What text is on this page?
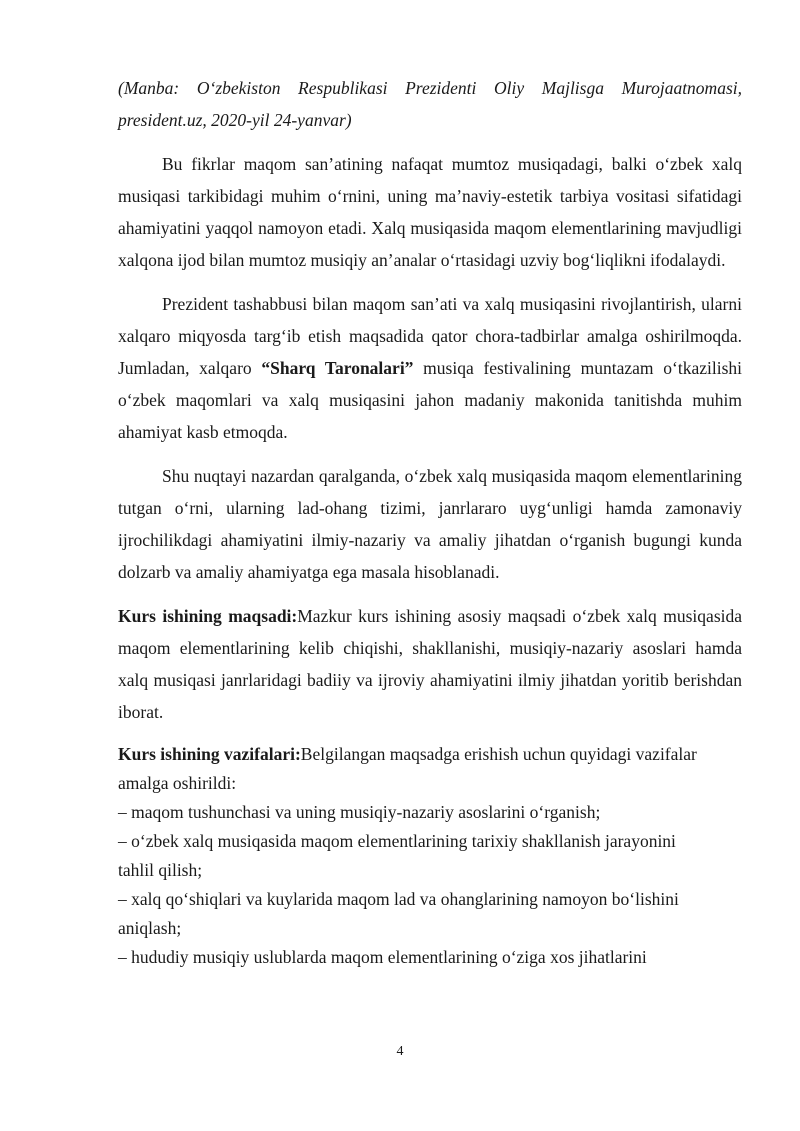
(Manba: O‘zbekiston Respublikasi Prezidenti Oliy Majlisga Murojaatnomasi, president.uz, 2020-yil 24-yanvar)

Bu fikrlar maqom san’atining nafaqat mumtoz musiqadagi, balki o‘zbek xalq musiqasi tarkibidagi muhim o‘rnini, uning ma’naviy-estetik tarbiya vositasi sifatidagi ahamiyatini yaqqol namoyon etadi. Xalq musiqasida maqom elementlarining mavjudligi xalqona ijod bilan mumtoz musiqiy an’analar o‘rtasidagi uzviy bog‘liqlikni ifodalaydi.

Prezident tashabbusi bilan maqom san’ati va xalq musiqasini rivojlantirish, ularni xalqaro miqyosda targ‘ib etish maqsadida qator chora-tadbirlar amalga oshirilmoqda. Jumladan, xalqaro “Sharq Taronalari” musiqa festivalining muntazam o‘tkazilishi o‘zbek maqomlari va xalq musiqasini jahon madaniy makonida tanitishda muhim ahamiyat kasb etmoqda.

Shu nuqtayi nazardan qaralganda, o‘zbek xalq musiqasida maqom elementlarining tutgan o‘rni, ularning lad-ohang tizimi, janrlararo uyg‘unligi hamda zamonaviy ijrochilikdagi ahamiyatini ilmiy-nazariy va amaliy jihatdan o‘rganish bugungi kunda dolzarb va amaliy ahamiyatga ega masala hisoblanadi.

Kurs ishining maqsadi:Mazkur kurs ishining asosiy maqsadi o‘zbek xalq musiqasida maqom elementlarining kelib chiqishi, shakllanishi, musiqiy-nazariy asoslari hamda xalq musiqasi janrlaridagi badiiy va ijroviy ahamiyatini ilmiy jihatdan yoritib berishdan iborat.

Kurs ishining vazifalari:Belgilangan maqsadga erishish uchun quyidagi vazifalar

amalga oshirildi:

– maqom tushunchasi va uning musiqiy-nazariy asoslarini o‘rganish;

– o‘zbek xalq musiqasida maqom elementlarining tarixiy shakllanish jarayonini

tahlil qilish;

– xalq qo‘shiqlari va kuylarida maqom lad va ohanglarining namoyon bo‘lishini

aniqlash;

– hududiy musiqiy uslublarda maqom elementlarining o‘ziga xos jihatlarini

4
